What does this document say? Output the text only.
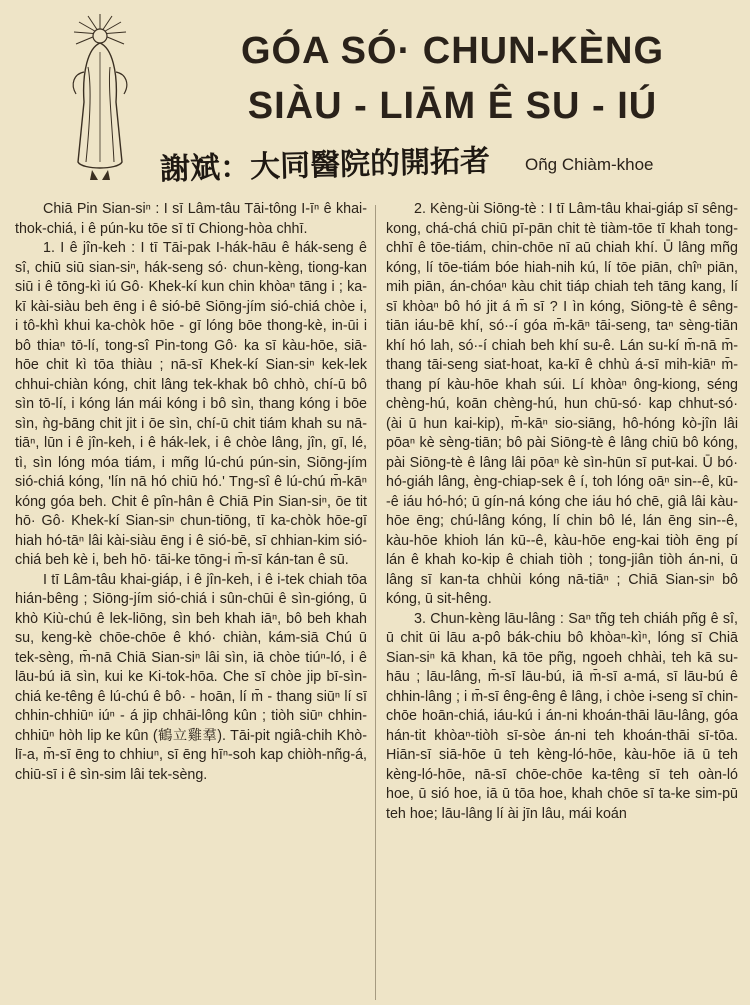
GÓA SÓ· CHUN-KÈNG
SIÀU - LIĀM Ê SU - IÚ
謝斌：大同醫院的開拓者 Oñg Chiàm-khoe

Chiā Pin Sian-siⁿ : I sī Lâm-tâu Tāi-tông I-īⁿ ê khai-thok-chiá, i ê pún-ku tōe sī tī Chiong-hòa chhī.

1. I ê jîn-keh : I tī Tāi-pak I-hák-hāu ê hák-seng ê sî, chiū siū sian-siⁿ, hák-seng só· chun-kèng, tiong-kan siū i ê tōng-kì iú Gô· Khek-kí kun chin khòaⁿ tāng i ; ka-kī kài-siàu beh ēng i ê sió-bē Siōng-jím sió-chiá chòe i, i tô-khì khui ka-chòk hōe - gī lóng bōe thong-kè, in-ūi i bô thiaⁿ tō-lí, tong-sî Pin-tong Gô· ka sī kàu-hōe, siā-hōe chit kì tōa thiàu ; nā-sī Khek-kí Sian-siⁿ kek-lek chhui-chiàn kóng, chit lâng tek-khak bô chhò, chí-ū bô sìn tō-lí, i kóng lán mái kóng i bô sìn, thang kóng i bōe sìn, ǹg-bāng chit jit i ōe sìn, chí-ū chit tiám khah su nā-tiāⁿ, lūn i ê jîn-keh, i ê hák-lek, i ê chòe lâng, jîn, gī, lé, tì, sìn lóng móa tiám, i mñg lú-chú pún-sin, Siōng-jím sió-chiá kóng, 'lín nā hó chiū hó.' Tng-sî ê lú-chú m̄-kāⁿ kóng góa beh. Chit ê pîn-hân ê Chiā Pin Sian-siⁿ, ōe tit hō· Gô· Khek-kí Sian-siⁿ chun-tiōng, tī ka-chòk hōe-gī hiah hó-tāⁿ lâi kài-siàu ēng i ê sió-bē, sī chhian-kim sió-chiá beh kè i, beh hō· tāi-ke tōng-i m̄-sī kán-tan ê sū.

I tī Lâm-tâu khai-giáp, i ê jîn-keh, i ê i-tek chiah tōa hián-bêng ; Siōng-jím sió-chiá i sûn-chūi ê sìn-gióng, ū khò Kiù-chú ê lek-liōng, sìn beh khah iāⁿ, bô beh khah su, keng-kè chōe-chōe ê khó· chiàn, kám-siā Chú ū tek-sèng, m̄-nā Chiā Sian-siⁿ lâi sìn, iā chòe tiúⁿ-ló, i ê lāu-bú iā sìn, kui ke Ki-tok-hōa. Che sī chòe jip bī-sìn-chiá ke-têng ê lú-chú ê bô· - hoān, lí m̄ - thang siūⁿ lí sī chhin-chhiūⁿ iúⁿ - á jip chhāi-lông kûn ; tiòh siūⁿ chhin-chhiūⁿ hòh lip ke kûn (鶴立雞羣). Tāi-pit ngiâ-chih Khò-lī-a, m̄-sī ēng to chhiuⁿ, sī ēng hīⁿ-soh kap chiòh-nñg-á, chiū-sī i ê sìn-sim lâi tek-sèng.

2. Kèng-ùi Siōng-tè : I tī Lâm-tâu khai-giáp sī sêng-kong, chá-chá chiū pī-pān chit tè tiàm-tōe tī khah tong-chhī ê tōe-tiám, chin-chōe nī aū chiah khí. Ū lâng mñg kóng, lí tōe-tiám bóe hiah-nih kú, lí tōe piān, chîⁿ piān, mih piān, án-chóaⁿ kàu chit tiáp chiah teh tāng kang, lí sī khòaⁿ bô hó jit á m̄ sī ? I ìn kóng, Siōng-tè ê sêng-tiān iáu-bē khí, só·-í góa m̄-kāⁿ tāi-seng, taⁿ sèng-tiān khí hó lah, só·-í chiah beh khí su-ê. Lán su-kí m̄-nā m̄-thang tāi-seng siat-hoat, ka-kī ê chhù á-sī mih-kiāⁿ m̄-thang pí kàu-hōe khah súi. Lí khòaⁿ ông-kiong, séng chèng-hú, koān chèng-hú, hun chū-só· kap chhut-só· (ài ū hun kai-kip), m̄-kāⁿ sio-siāng, hô-hóng kò-jîn lâi pōaⁿ kè sèng-tiān; bô pài Siōng-tè ê lâng chiū bô kóng, pài Siōng-tè ê lâng lâi pōaⁿ kè sìn-hūn sī put-kai. Ū bó· hó-giáh lâng, èng-chiap-sek ê í, toh lóng oāⁿ sin--ê, kū--ê iáu hó-hó; ū gín-ná kóng che iáu hó chē, giâ lâi kàu-hōe ēng; chú-lâng kóng, lí chin bô lé, lán ēng sin--ê, kàu-hōe khioh lán kū--ê, kàu-hōe eng-kai tiòh ēng pí lán ê khah ko-kip ê chiah tiòh ; tong-jiân tiòh án-ni, ū lâng sī kan-ta chhùi kóng nā-tiāⁿ ; Chiā Sian-siⁿ bô kóng, ū sit-hêng.

3. Chun-kèng lāu-lâng : Saⁿ tñg teh chiáh pñg ê sî, ū chit ūi lāu a-pô bák-chiu bô khòaⁿ-kìⁿ, lóng sī Chiā Sian-siⁿ kā khan, kā tōe pñg, ngoeh chhài, teh kā su-hāu ; lāu-lâng, m̄-sī lāu-bú, iā m̄-sī a-má, sī lāu-bú ê chhin-lâng ; i m̄-sī êng-êng ê lâng, i chòe i-seng sī chin-chōe hoān-chiá, iáu-kú i án-ni khoán-thāi lāu-lâng, góa hán-tit khòaⁿ-tiòh sī-sòe án-ni teh khoán-thāi sī-tōa. Hiān-sī siā-hōe ū teh kèng-ló-hōe, kàu-hōe iā ū teh kèng-ló-hōe, nā-sī chōe-chōe ka-têng sī teh oàn-ló hoe, ū sió hoe, iā ū tōa hoe, khah chōe sī ta-ke sim-pū teh hoe; lāu-lâng lí ài jīn lâu, mái koán
